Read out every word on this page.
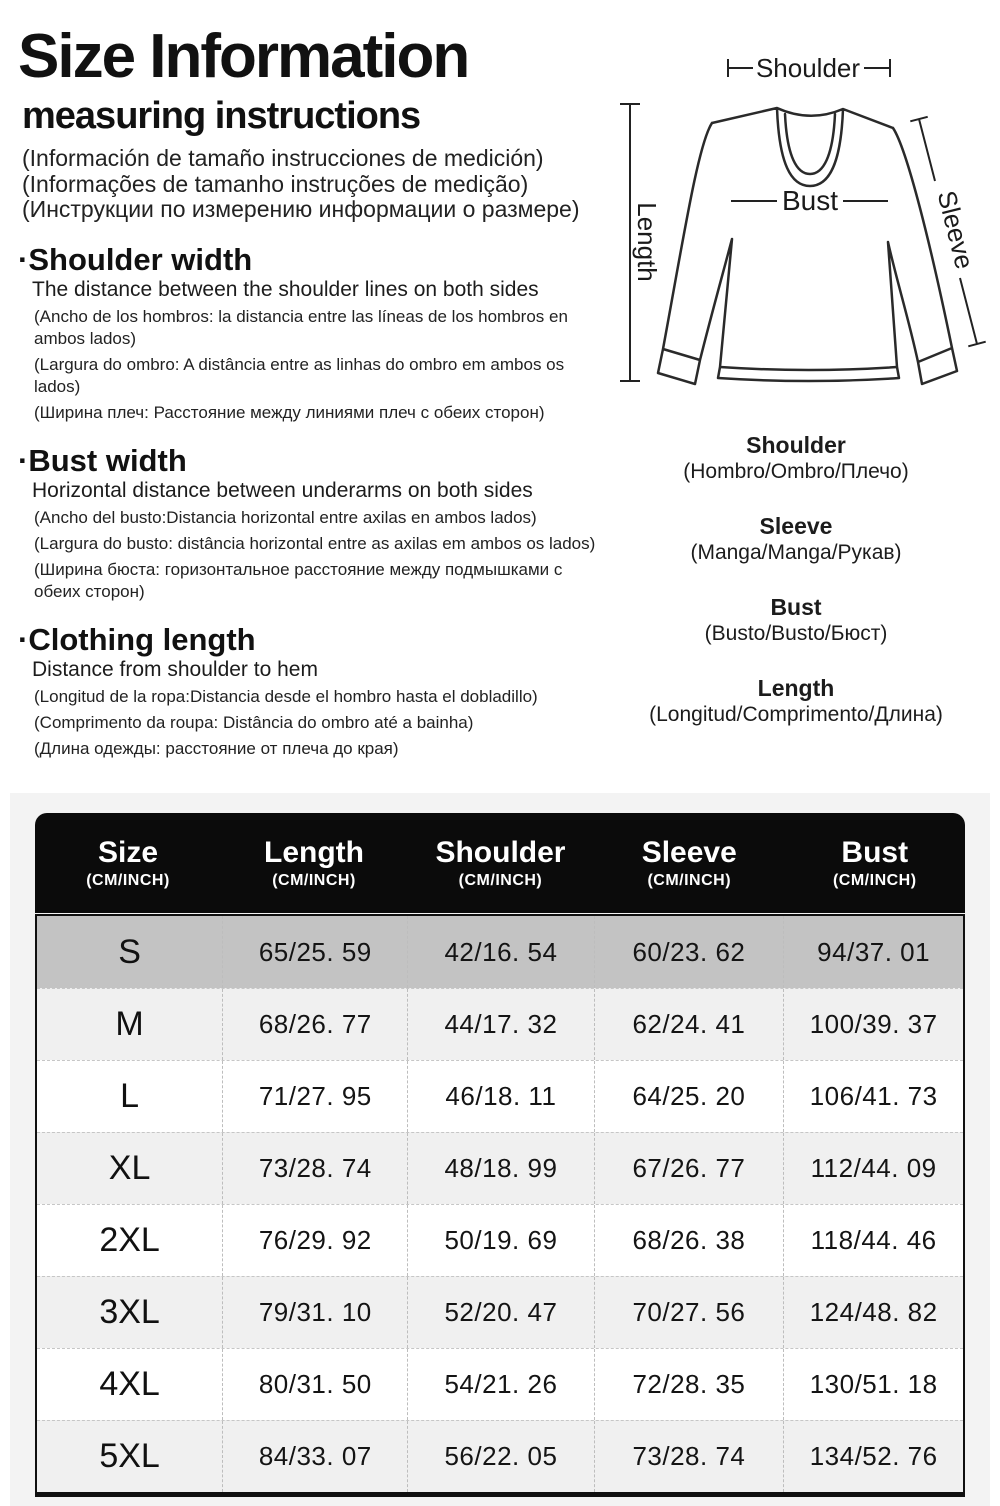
Size Information
measuring instructions
(Información de tamaño instrucciones de medición)
(Informações de tamanho instruções de medição)
(Инструкции по измерению информации о размере)
·Shoulder width
The distance between the shoulder lines on both sides

(Ancho de los hombros: la distancia entre las líneas de los hombros en ambos lados)

(Largura do ombro: A distância entre as linhas do ombro em ambos os lados)

(Ширина плеч: Расстояние между линиями плеч с обеих сторон)

·Bust width
Horizontal distance between underarms on both sides

(Ancho del busto:Distancia horizontal entre axilas en ambos lados)

(Largura do busto: distância horizontal entre as axilas em ambos os lados)

(Ширина бюста: горизонтальное расстояние между подмышками с обеих сторон)

·Clothing length
Distance from shoulder to hem

(Longitud de la ropa:Distancia desde el hombro hasta el dobladillo)

(Comprimento da roupa: Distância do ombro até a bainha)

(Длина одежды: расстояние от плеча до края)

Shoulder
Length
Bust	Sleeve
Shoulder
(Hombro/Ombro/Плечо)
Sleeve
(Manga/Manga/Рукав)
Bust
(Busto/Busto/Бюст)
Length
(Longitud/Comprimento/Длина)
Size
(CM/INCH)
Length
(CM/INCH)
Shoulder
(CM/INCH)
Sleeve
(CM/INCH)
Bust
(CM/INCH)
S	65/25. 59	42/16. 54	60/23. 62	94/37. 01
M	68/26. 77	44/17. 32	62/24. 41	100/39. 37
L	71/27. 95	46/18. 11	64/25. 20	106/41. 73
XL	73/28. 74	48/18. 99	67/26. 77	112/44. 09
2XL	76/29. 92	50/19. 69	68/26. 38	118/44. 46
3XL	79/31. 10	52/20. 47	70/27. 56	124/48. 82
4XL	80/31. 50	54/21. 26	72/28. 35	130/51. 18
5XL	84/33. 07	56/22. 05	73/28. 74	134/52. 76
